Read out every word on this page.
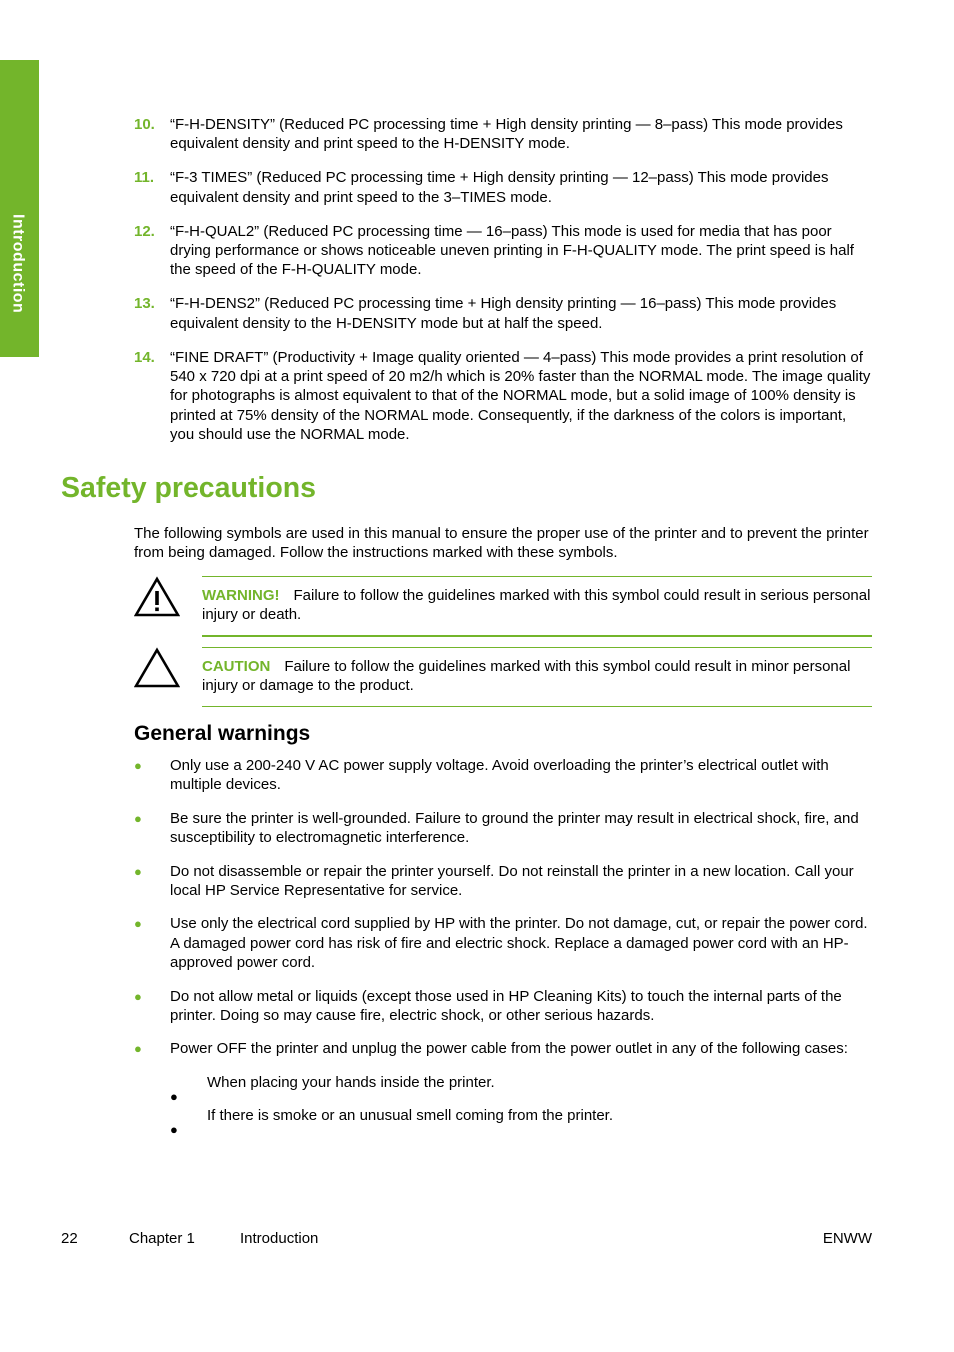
Introduction
10. “F-H-DENSITY” (Reduced PC processing time + High density printing — 8–pass) This mode provides equivalent density and print speed to the H-DENSITY mode.
11. “F-3 TIMES” (Reduced PC processing time + High density printing — 12–pass) This mode provides equivalent density and print speed to the 3–TIMES mode.
12. “F-H-QUAL2” (Reduced PC processing time — 16–pass) This mode is used for media that has poor drying performance or shows noticeable uneven printing in F-H-QUALITY mode. The print speed is half the speed of the F-H-QUALITY mode.
13. “F-H-DENS2” (Reduced PC processing time + High density printing — 16–pass) This mode provides equivalent density to the H-DENSITY mode but at half the speed.
14. “FINE DRAFT” (Productivity + Image quality oriented — 4–pass) This mode provides a print resolution of 540 x 720 dpi at a print speed of 20 m2/h which is 20% faster than the NORMAL mode. The image quality for photographs is almost equivalent to that of the NORMAL mode, but a solid image of 100% density is printed at 75% density of the NORMAL mode. Consequently, if the darkness of the colors is important, you should use the NORMAL mode.
Safety precautions

The following symbols are used in this manual to ensure the proper use of the printer and to prevent the printer from being damaged. Follow the instructions marked with these symbols.

WARNING! Failure to follow the guidelines marked with this symbol could result in serious personal injury or death.
CAUTION Failure to follow the guidelines marked with this symbol could result in minor personal injury or damage to the product.
General warnings
● Only use a 200-240 V AC power supply voltage. Avoid overloading the printer’s electrical outlet with multiple devices.
● Be sure the printer is well-grounded. Failure to ground the printer may result in electrical shock, fire, and susceptibility to electromagnetic interference.
● Do not disassemble or repair the printer yourself. Do not reinstall the printer in a new location. Call your local HP Service Representative for service.
● Use only the electrical cord supplied by HP with the printer. Do not damage, cut, or repair the power cord. A damaged power cord has risk of fire and electric shock. Replace a damaged power cord with an HP-approved power cord.
● Do not allow metal or liquids (except those used in HP Cleaning Kits) to touch the internal parts of the printer. Doing so may cause fire, electric shock, or other serious hazards.
● Power OFF the printer and unplug the power cable from the power outlet in any of the following cases:
●
When placing your hands inside the printer.
●
If there is smoke or an unusual smell coming from the printer.
22	Chapter 1	Introduction	ENWW
